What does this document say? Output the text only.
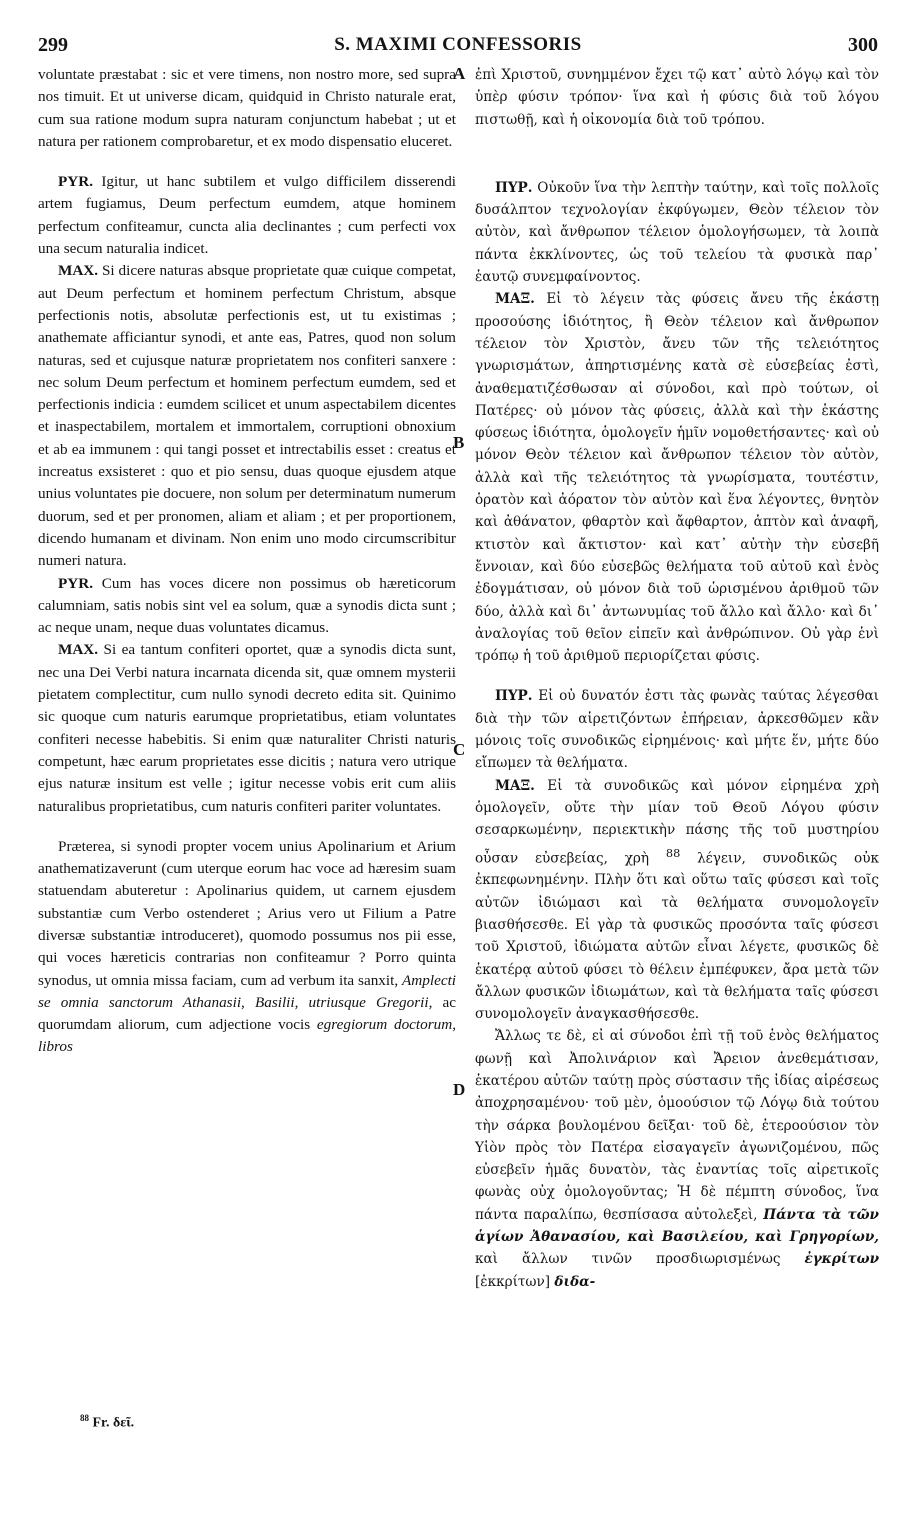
299	S. MAXIMI CONFESSORIS	300

voluntate præstabat : sic et vere timens, non nostro more, sed supra nos timuit. Et ut universe dicam, quidquid in Christo naturale erat, cum sua ratione modum supra naturam conjunctum habebat ; ut et natura per rationem comprobaretur, et ex modo dispensatio eluceret.

PYR. Igitur, ut hanc subtilem et vulgo difficilem disserendi artem fugiamus, Deum perfectum eumdem, atque hominem perfectum confiteamur, cuncta alia declinantes ; cum perfecti vox una secum naturalia indicet.

MAX. Si dicere naturas absque proprietate quæ cuique competat, aut Deum perfectum et hominem perfectum Christum, absque perfectionis notis, absolutæ perfectionis est, ut tu existimas ; anathemate afficiantur synodi, et ante eas, Patres, quod non solum naturas, sed et cujusque naturæ proprietatem nos confiteri sanxere : nec solum Deum perfectum et hominem perfectum eumdem, sed et perfectionis indicia : eumdem scilicet et unum aspectabilem dicentes et inaspectabilem, mortalem et immortalem, corruptioni obnoxium et ab ea immunem : qui tangi posset et intrectabilis esset : creatus et increatus exsisteret : quo et pio sensu, duas quoque ejusdem atque unius voluntates pie docuere, non solum per determinatum numerum duorum, sed et per pronomen, aliam et aliam ; et per proportionem, dicendo humanam et divinam. Non enim uno modo circumscribitur numeri natura.

PYR. Cum has voces dicere non possimus ob hæreticorum calumniam, satis nobis sint vel ea solum, quæ a synodis dicta sunt ; ac neque unam, neque duas voluntates dicamus.

MAX. Si ea tantum confiteri oportet, quæ a synodis dicta sunt, nec una Dei Verbi natura incarnata dicenda sit, quæ omnem mysterii pietatem complectitur, cum nullo synodi decreto edita sit. Quinimo sic quoque cum naturis earumque proprietatibus, etiam voluntates confiteri necesse habebitis. Si enim quæ naturaliter Christi naturis competunt, hæc earum proprietates esse dicitis ; natura vero utrique ejus naturæ insitum est velle ; igitur necesse vobis erit cum aliis naturalibus proprietatibus, cum naturis confiteri pariter voluntates.

Præterea, si synodi propter vocem unius Apolinarium et Arium anathematizaverunt (cum uterque eorum hac voce ad hæresim suam statuendam abuteretur : Apolinarius quidem, ut carnem ejusdem substantiæ cum Verbo ostenderet ; Arius vero ut Filium a Patre diversæ substantiæ introduceret), quomodo possumus nos pii esse, qui voces hæreticis contrarias non confiteamur ? Porro quinta synodus, ut omnia missa faciam, cum ad verbum ita sanxit, Amplecti se omnia sanctorum Athanasii, Basilii, utriusque Gregorii, ac quorumdam aliorum, cum adjectione vocis egregiorum doctorum, libros

A
B
C
D

ἐπὶ Χριστοῦ, συνημμένον ἔχει τῷ κατ᾽ αὐτὸ λόγῳ καὶ τὸν ὑπὲρ φύσιν τρόπον· ἵνα καὶ ἡ φύσις διὰ τοῦ λόγου πιστωθῇ, καὶ ἡ οἰκονομία διὰ τοῦ τρόπου.

ΠΥΡ. Οὐκοῦν ἵνα τὴν λεπτὴν ταύτην, καὶ τοῖς πολλοῖς δυσάλπτον τεχνολογίαν ἐκφύγωμεν, Θεὸν τέλειον τὸν αὐτὸν, καὶ ἄνθρωπον τέλειον ὁμολογήσωμεν, τὰ λοιπὰ πάντα ἐκκλίνοντες, ὡς τοῦ τελείου τὰ φυσικὰ παρ᾽ ἑαυτῷ συνεμφαίνοντος.

ΜΑΞ. Εἰ τὸ λέγειν τὰς φύσεις ἄνευ τῆς ἑκάστῃ προσούσης ἰδιότητος, ἢ Θεὸν τέλειον καὶ ἄνθρωπον τέλειον τὸν Χριστὸν, ἄνευ τῶν τῆς τελειότητος γνωρισμάτων, ἀπηρτισμένης κατὰ σὲ εὐσεβείας ἐστὶ, ἀναθεματιζέσθωσαν αἱ σύνοδοι, καὶ πρὸ τούτων, οἱ Πατέρες· οὐ μόνον τὰς φύσεις, ἀλλὰ καὶ τὴν ἑκάστης φύσεως ἰδιότητα, ὁμολογεῖν ἡμῖν νομοθετήσαντες· καὶ οὐ μόνον Θεὸν τέλειον καὶ ἄνθρωπον τέλειον τὸν αὐτὸν, ἀλλὰ καὶ τῆς τελειότητος τὰ γνωρίσματα, τουτέστιν, ὁρατὸν καὶ ἀόρατον τὸν αὐτὸν καὶ ἕνα λέγοντες, θνητὸν καὶ ἀθάνατον, φθαρτὸν καὶ ἄφθαρτον, ἁπτὸν καὶ ἀναφῆ, κτιστὸν καὶ ἄκτιστον· καὶ κατ᾽ αὐτὴν τὴν εὐσεβῆ ἔννοιαν, καὶ δύο εὐσεβῶς θελήματα τοῦ αὐτοῦ καὶ ἑνὸς ἐδογμάτισαν, οὐ μόνον διὰ τοῦ ὡρισμένου ἀριθμοῦ τῶν δύο, ἀλλὰ καὶ δι᾽ ἀντωνυμίας τοῦ ἄλλο καὶ ἄλλο· καὶ δι᾽ ἀναλογίας τοῦ θεῖον εἰπεῖν καὶ ἀνθρώπινον. Οὐ γὰρ ἑνὶ τρόπῳ ἡ τοῦ ἀριθμοῦ περιορίζεται φύσις.

ΠΥΡ. Εἰ οὐ δυνατόν ἐστι τὰς φωνὰς ταύτας λέγεσθαι διὰ τὴν τῶν αἱρετιζόντων ἐπήρειαν, ἀρκεσθῶμεν κἂν μόνοις τοῖς συνοδικῶς εἰρημένοις· καὶ μήτε ἕν, μήτε δύο εἴπωμεν τὰ θελήματα.

ΜΑΞ. Εἰ τὰ συνοδικῶς καὶ μόνον εἰρημένα χρὴ ὁμολογεῖν, οὔτε τὴν μίαν τοῦ Θεοῦ Λόγου φύσιν σεσαρκωμένην, περιεκτικὴν πάσης τῆς τοῦ μυστηρίου οὖσαν εὐσεβείας, χρὴ $^{88}$ λέγειν, συνοδικῶς οὐκ ἐκπεφωνημένην. Πλὴν ὅτι καὶ οὕτω ταῖς φύσεσι καὶ τοῖς αὐτῶν ἰδιώμασι καὶ τὰ θελήματα συνομολογεῖν βιασθήσεσθε. Εἰ γὰρ τὰ φυσικῶς προσόντα ταῖς φύσεσι τοῦ Χριστοῦ, ἰδιώματα αὐτῶν εἶναι λέγετε, φυσικῶς δὲ ἑκατέρᾳ αὐτοῦ φύσει τὸ θέλειν ἐμπέφυκεν, ἄρα μετὰ τῶν ἄλλων φυσικῶν ἰδιωμάτων, καὶ τὰ θελήματα ταῖς φύσεσι συνομολογεῖν ἀναγκασθήσεσθε.

Ἄλλως τε δὲ, εἰ αἱ σύνοδοι ἐπὶ τῇ τοῦ ἑνὸς θελήματος φωνῇ καὶ Ἀπολινάριον καὶ Ἄρειον ἀνεθεμάτισαν, ἑκατέρου αὐτῶν ταύτῃ πρὸς σύστασιν τῆς ἰδίας αἱρέσεως ἀποχρησαμένου· τοῦ μὲν, ὁμοούσιον τῷ Λόγῳ διὰ τούτου τὴν σάρκα βουλομένου δεῖξαι· τοῦ δὲ, ἑτεροούσιον τὸν Υἱὸν πρὸς τὸν Πατέρα εἰσαγαγεῖν ἀγωνιζομένου, πῶς εὐσεβεῖν ἡμᾶς δυνατὸν, τὰς ἐναντίας τοῖς αἱρετικοῖς φωνὰς οὐχ ὁμολογοῦντας; Ἡ δὲ πέμπτη σύνοδος, ἵνα πάντα παραλίπω, θεσπίσασα αὐτολεξεὶ, Πάντα τὰ τῶν ἁγίων Ἀθανασίου, καὶ Βασιλείου, καὶ Γρηγορίων, καὶ ἄλλων τινῶν προσδιωρισμένως ἐγκρίτων [ἐκκρίτων] διδα-

$^{88}$ Fr. δεῖ.
